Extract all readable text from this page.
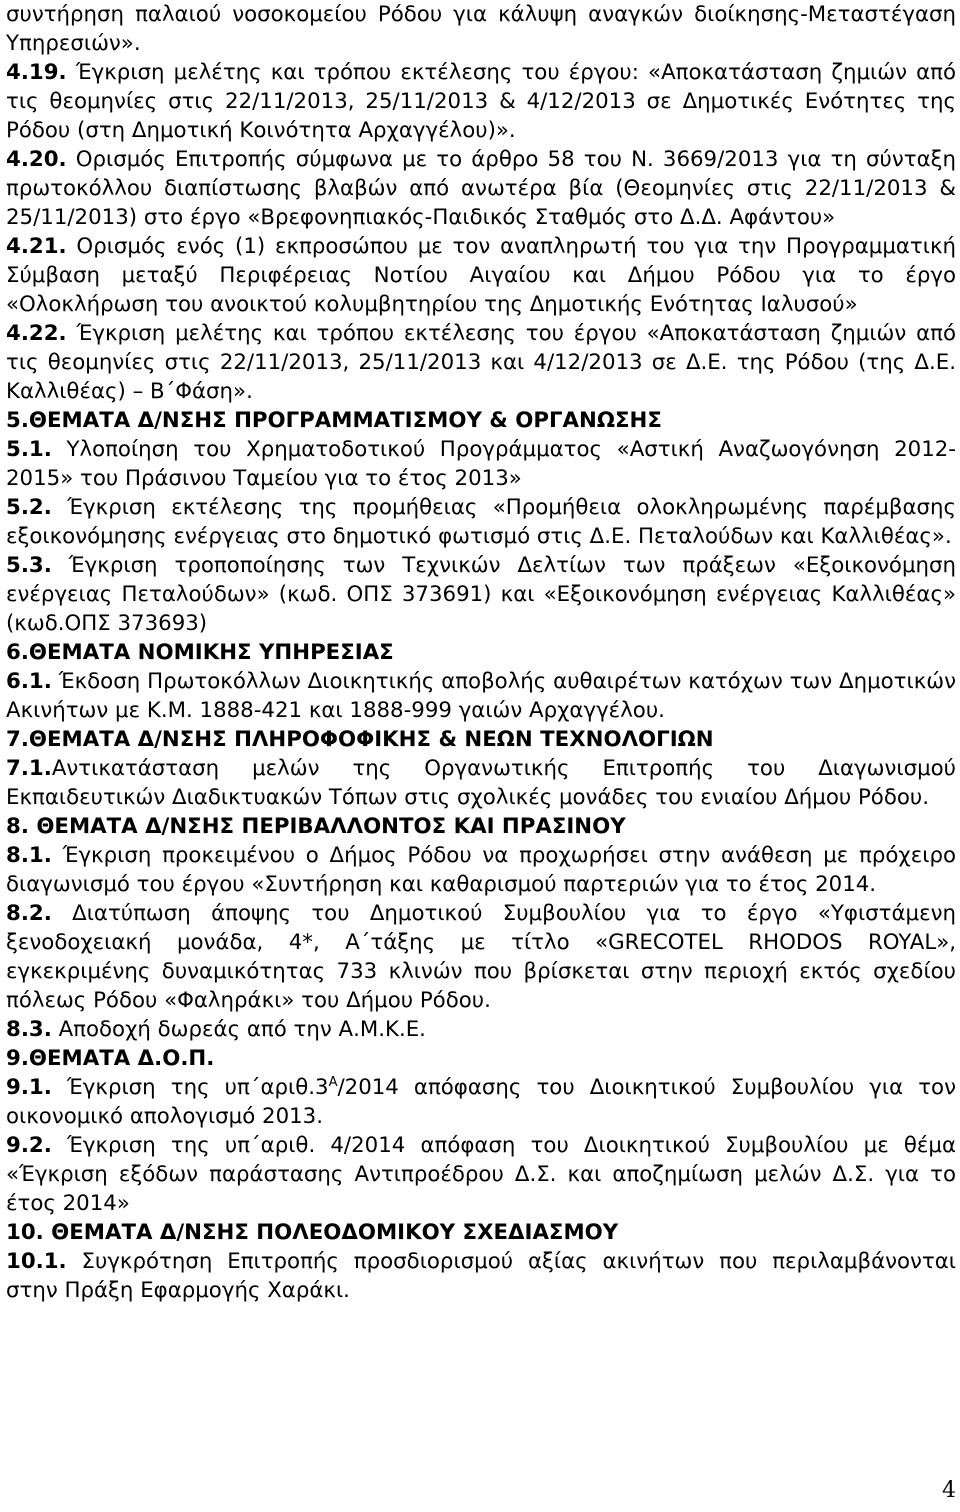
συντήρηση παλαιού νοσοκομείου Ρόδου για κάλυψη αναγκών διοίκησης-Μεταστέγαση Υπηρεσιών».

4.19. Έγκριση μελέτης και τρόπου εκτέλεσης του έργου: «Αποκατάσταση ζημιών από τις θεομηνίες στις 22/11/2013, 25/11/2013 & 4/12/2013 σε Δημοτικές Ενότητες της Ρόδου (στη Δημοτική Κοινότητα Αρχαγγέλου)».

4.20. Ορισμός Επιτροπής σύμφωνα με το άρθρο 58 του Ν. 3669/2013 για τη σύνταξη πρωτοκόλλου διαπίστωσης βλαβών από ανωτέρα βία (Θεομηνίες στις 22/11/2013 & 25/11/2013) στο έργο «Βρεφονηπιακός-Παιδικός Σταθμός στο Δ.Δ. Αφάντου»

4.21. Ορισμός ενός (1) εκπροσώπου με τον αναπληρωτή του για την Προγραμματική Σύμβαση μεταξύ Περιφέρειας Νοτίου Αιγαίου και Δήμου Ρόδου για το έργο «Ολοκλήρωση του ανοικτού κολυμβητηρίου της Δημοτικής Ενότητας Ιαλυσού»

4.22. Έγκριση μελέτης και τρόπου εκτέλεσης του έργου «Αποκατάσταση ζημιών από τις θεομηνίες στις 22/11/2013, 25/11/2013 και 4/12/2013 σε Δ.Ε. της Ρόδου (της Δ.Ε. Καλλιθέας) – Β΄Φάση».

5.ΘΕΜΑΤΑ Δ/ΝΣΗΣ ΠΡΟΓΡΑΜΜΑΤΙΣΜΟΥ & ΟΡΓΑΝΩΣΗΣ

5.1. Υλοποίηση του Χρηματοδοτικού Προγράμματος «Αστική Αναζωογόνηση 2012-2015» του Πράσινου Ταμείου για το έτος 2013»

5.2. Έγκριση εκτέλεσης της προμήθειας «Προμήθεια ολοκληρωμένης παρέμβασης εξοικονόμησης ενέργειας στο δημοτικό φωτισμό στις Δ.Ε. Πεταλούδων και Καλλιθέας».

5.3. Έγκριση τροποποίησης των Τεχνικών Δελτίων των πράξεων «Εξοικονόμηση ενέργειας Πεταλούδων» (κωδ. ΟΠΣ 373691) και «Εξοικονόμηση ενέργειας Καλλιθέας» (κωδ.ΟΠΣ 373693)

6.ΘΕΜΑΤΑ ΝΟΜΙΚΗΣ ΥΠΗΡΕΣΙΑΣ

6.1. Έκδοση Πρωτοκόλλων Διοικητικής αποβολής αυθαιρέτων κατόχων των Δημοτικών Ακινήτων με Κ.Μ. 1888-421 και 1888-999 γαιών Αρχαγγέλου.

7.ΘΕΜΑΤΑ Δ/ΝΣΗΣ ΠΛΗΡΟΦΟΦΙΚΗΣ & ΝΕΩΝ ΤΕΧΝΟΛΟΓΙΩΝ

7.1.Αντικατάσταση μελών της Οργανωτικής Επιτροπής του Διαγωνισμού Εκπαιδευτικών Διαδικτυακών Τόπων στις σχολικές μονάδες του ενιαίου Δήμου Ρόδου.

8. ΘΕΜΑΤΑ Δ/ΝΣΗΣ ΠΕΡΙΒΑΛΛΟΝΤΟΣ ΚΑΙ ΠΡΑΣΙΝΟΥ

8.1. Έγκριση προκειμένου ο Δήμος Ρόδου να προχωρήσει στην ανάθεση με πρόχειρο διαγωνισμό του έργου «Συντήρηση και καθαρισμού παρτεριών για το έτος 2014.

8.2. Διατύπωση άποψης του Δημοτικού Συμβουλίου για το έργο «Υφιστάμενη ξενοδοχειακή μονάδα, 4*, Α΄τάξης με τίτλο «GRECOTEL RHODOS ROYAL», εγκεκριμένης δυναμικότητας 733 κλινών που βρίσκεται στην περιοχή εκτός σχεδίου πόλεως Ρόδου «Φαληράκι» του Δήμου Ρόδου.

8.3. Αποδοχή δωρεάς από την Α.Μ.Κ.Ε.

9.ΘΕΜΑΤΑ Δ.Ο.Π.

9.1. Έγκριση της $\upsilon\pi΄\alpha\rho\iota\theta.3^A/2014$ απόφασης του Διοικητικού Συμβουλίου για τον οικονομικό απολογισμό 2013.

9.2. Έγκριση της υπ΄αριθ. 4/2014 απόφαση του Διοικητικού Συμβουλίου με θέμα «Έγκριση εξόδων παράστασης Αντιπροέδρου Δ.Σ. και αποζημίωση μελών Δ.Σ. για το έτος 2014»

10. ΘΕΜΑΤΑ Δ/ΝΣΗΣ ΠΟΛΕΟΔΟΜΙΚΟΥ ΣΧΕΔΙΑΣΜΟΥ

10.1. Συγκρότηση Επιτροπής προσδιορισμού αξίας ακινήτων που περιλαμβάνονται στην Πράξη Εφαρμογής Χαράκι.

4
